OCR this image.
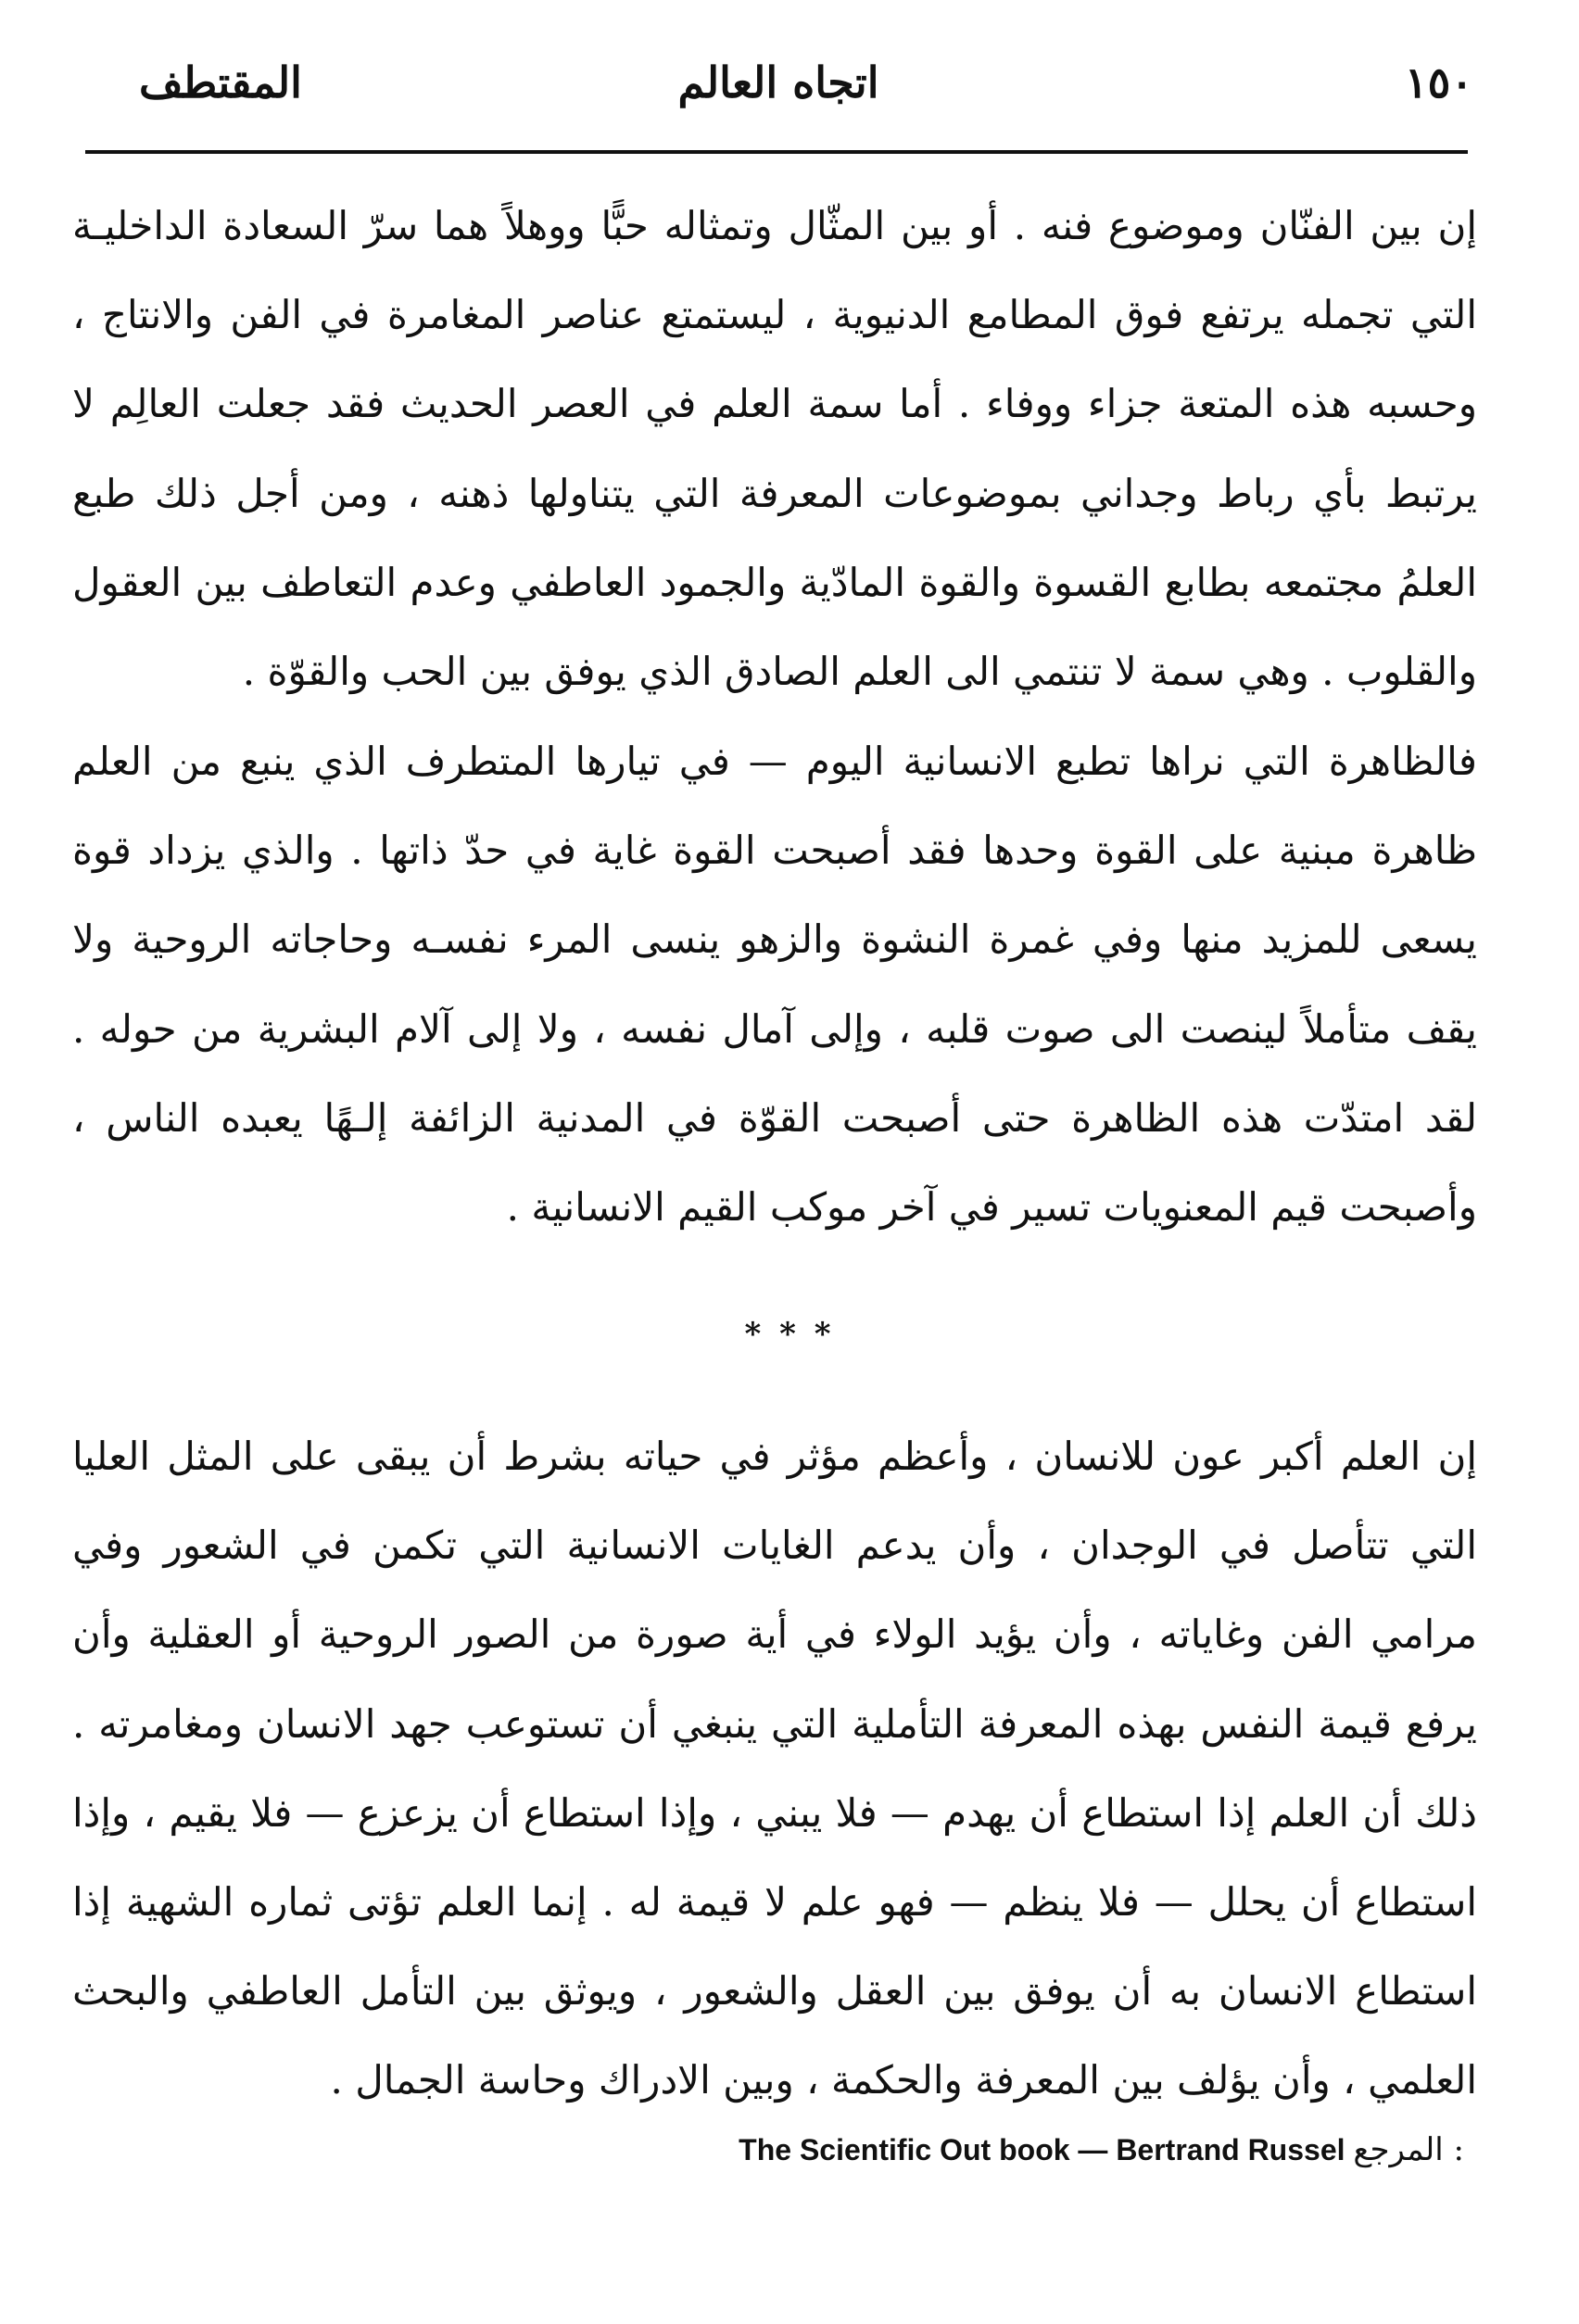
١٥٠
اتجاه العالم
المقتطف

إن بين الفنّان وموضوع فنه . أو بين المثّال وتمثاله حبًّا ووهلاً هما سرّ السعادة الداخليـة التي تجمله يرتفع فوق المطامع الدنيوية ، ليستمتع عناصر المغامرة في الفن والانتاج ، وحسبه هذه المتعة جزاء ووفاء . أما سمة العلم في العصر الحديث فقد جعلت العالِم لا يرتبط بأي رباط وجداني بموضوعات المعرفة التي يتناولها ذهنه ، ومن أجل ذلك طبع العلمُ مجتمعه بطابع القسوة والقوة المادّية والجمود العاطفي وعدم التعاطف بين العقول والقلوب . وهي سمة لا تنتمي الى العلم الصادق الذي يوفق بين الحب والقوّة .

فالظاهرة التي نراها تطبع الانسانية اليوم — في تيارها المتطرف الذي ينبع من العلم ظاهرة مبنية على القوة وحدها فقد أصبحت القوة غاية في حدّ ذاتها . والذي يزداد قوة يسعى للمزيد منها وفي غمرة النشوة والزهو ينسى المرء نفسـه وحاجاته الروحية ولا يقف متأملاً لينصت الى صوت قلبه ، وإلى آمال نفسه ، ولا إلى آلام البشرية من حوله . لقد امتدّت هذه الظاهرة حتى أصبحت القوّة في المدنية الزائفة إلـهًا يعبده الناس ، وأصبحت قيم المعنويات تسير في آخر موكب القيم الانسانية .

* * *

إن العلم أكبر عون للانسان ، وأعظم مؤثر في حياته بشرط أن يبقى على المثل العليا التي تتأصل في الوجدان ، وأن يدعم الغايات الانسانية التي تكمن في الشعور وفي مرامي الفن وغاياته ، وأن يؤيد الولاء في أية صورة من الصور الروحية أو العقلية وأن يرفع قيمة النفس بهذه المعرفة التأملية التي ينبغي أن تستوعب جهد الانسان ومغامرته . ذلك أن العلم إذا استطاع أن يهدم — فلا يبني ، وإذا استطاع أن يزعزع — فلا يقيم ، وإذا استطاع أن يحلل — فلا ينظم — فهو علم لا قيمة له . إنما العلم تؤتى ثماره الشهية إذا استطاع الانسان به أن يوفق بين العقل والشعور ، ويوثق بين التأمل العاطفي والبحث العلمي ، وأن يؤلف بين المعرفة والحكمة ، وبين الادراك وحاسة الجمال .

The Scientific Out book — Bertrand Russel المرجع :
